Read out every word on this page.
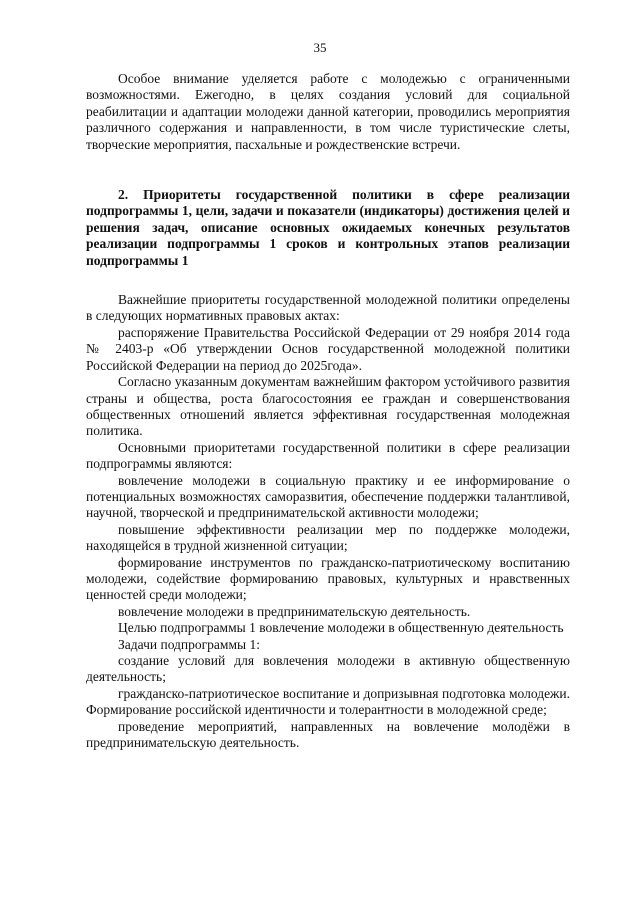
35

Особое внимание уделяется работе с молодежью с ограниченными возможностями. Ежегодно, в целях создания условий для социальной реабилитации и адаптации молодежи данной категории, проводились мероприятия различного содержания и направленности, в том числе туристические слеты, творческие мероприятия, пасхальные и рождественские встречи.

2. Приоритеты государственной политики в сфере реализации подпрограммы 1, цели, задачи и показатели (индикаторы) достижения целей и решения задач, описание основных ожидаемых конечных результатов реализации подпрограммы 1 сроков и контрольных этапов реализации подпрограммы 1

Важнейшие приоритеты государственной молодежной политики определены в следующих нормативных правовых актах:

распоряжение Правительства Российской Федерации от 29 ноября 2014 года № 2403-р «Об утверждении Основ государственной молодежной политики Российской Федерации на период до 2025года».

Согласно указанным документам важнейшим фактором устойчивого развития страны и общества, роста благосостояния ее граждан и совершенствования общественных отношений является эффективная государственная молодежная политика.

Основными приоритетами государственной политики в сфере реализации подпрограммы являются:

вовлечение молодежи в социальную практику и ее информирование о потенциальных возможностях саморазвития, обеспечение поддержки талантливой, научной, творческой и предпринимательской активности молодежи;

повышение эффективности реализации мер по поддержке молодежи, находящейся в трудной жизненной ситуации;

формирование инструментов по гражданско-патриотическому воспитанию молодежи, содействие формированию правовых, культурных и нравственных ценностей среди молодежи;

вовлечение молодежи в предпринимательскую деятельность.

Целью подпрограммы 1 вовлечение молодежи в общественную деятельность

Задачи подпрограммы 1:

создание условий для вовлечения молодежи в активную общественную деятельность;

гражданско-патриотическое воспитание и допризывная подготовка молодежи. Формирование российской идентичности и толерантности в молодежной среде;

проведение мероприятий, направленных на вовлечение молодёжи в предпринимательскую деятельность.
